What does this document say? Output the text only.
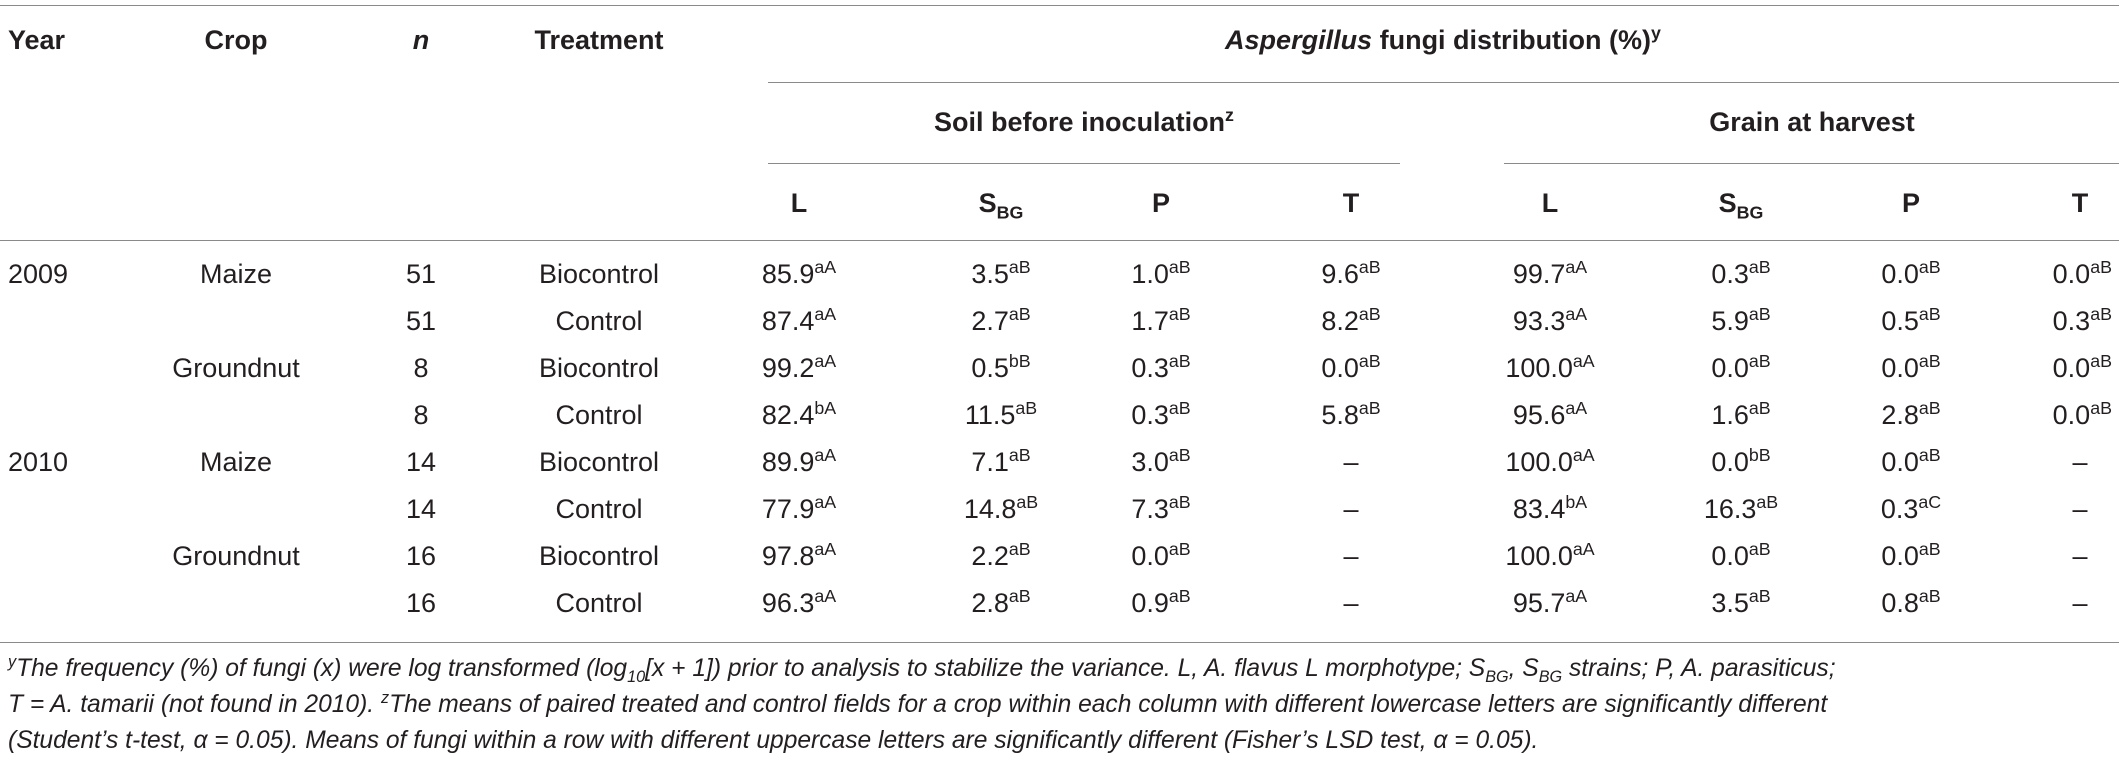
Year	Crop	n	Treatment	Aspergillus fungi distribution (%)$^y$
Soil before inoculation$^z$	Grain at harvest
L	$S_{BG}$	P	T	L	$S_{BG}$	P	T
2009	Maize	51	Biocontrol	$85.9^{aA}$	$3.5^{aB}$	$1.0^{aB}$	$9.6^{aB}$	$99.7^{aA}$	$0.3^{aB}$	$0.0^{aB}$	$0.0^{aB}$
51	Control	$87.4^{aA}$	$2.7^{aB}$	$1.7^{aB}$	$8.2^{aB}$	$93.3^{aA}$	$5.9^{aB}$	$0.5^{aB}$	$0.3^{aB}$
Groundnut	8	Biocontrol	$99.2^{aA}$	$0.5^{bB}$	$0.3^{aB}$	$0.0^{aB}$	$100.0^{aA}$	$0.0^{aB}$	$0.0^{aB}$	$0.0^{aB}$
8	Control	$82.4^{bA}$	$11.5^{aB}$	$0.3^{aB}$	$5.8^{aB}$	$95.6^{aA}$	$1.6^{aB}$	$2.8^{aB}$	$0.0^{aB}$
2010	Maize	14	Biocontrol	$89.9^{aA}$	$7.1^{aB}$	$3.0^{aB}$	–	$100.0^{aA}$	$0.0^{bB}$	$0.0^{aB}$	–
14	Control	$77.9^{aA}$	$14.8^{aB}$	$7.3^{aB}$	–	$83.4^{bA}$	$16.3^{aB}$	$0.3^{aC}$	–
Groundnut	16	Biocontrol	$97.8^{aA}$	$2.2^{aB}$	$0.0^{aB}$	–	$100.0^{aA}$	$0.0^{aB}$	$0.0^{aB}$	–
16	Control	$96.3^{aA}$	$2.8^{aB}$	$0.9^{aB}$	–	$95.7^{aA}$	$3.5^{aB}$	$0.8^{aB}$	–
$^y$The frequency (%) of fungi (x) were log transformed $(\log_{10}[x + 1])$ prior to analysis to stabilize the variance. L, A. flavus L morphotype; $S_{BG}$, $S_{BG}$ strains; P, A. parasiticus;
T = A. tamarii (not found in 2010). $^z$The means of paired treated and control fields for a crop within each column with different lowercase letters are significantly different
(Student’s t-test, α = 0.05). Means of fungi within a row with different uppercase letters are significantly different (Fisher’s LSD test, α = 0.05).
